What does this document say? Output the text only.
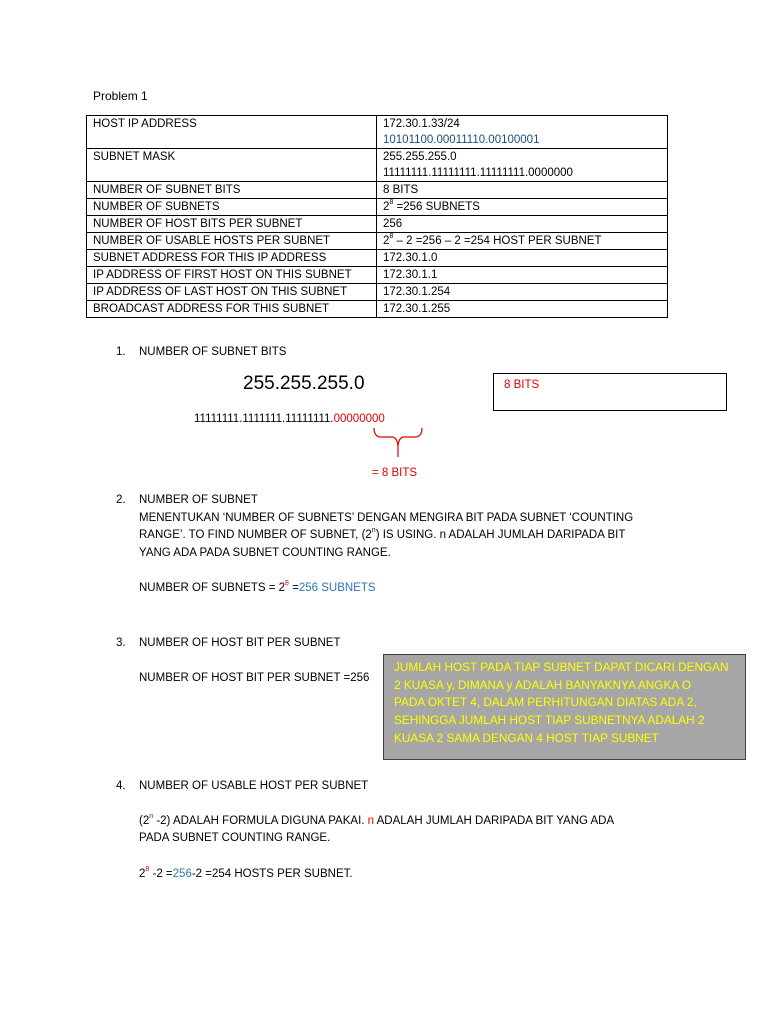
Problem 1
HOST IP ADDRESS	172.30.1.33/24
10101100.00011110.00100001
SUBNET MASK	255.255.255.0
11111111.11111111.11111111.0000000
NUMBER OF SUBNET BITS	8 BITS
NUMBER OF SUBNETS	$2^8 =256$ SUBNETS
NUMBER OF HOST BITS PER SUBNET	256
NUMBER OF USABLE HOSTS PER SUBNET	$2^8 - 2 =256 - 2 =254$ HOST PER SUBNET
SUBNET ADDRESS FOR THIS IP ADDRESS	172.30.1.0
IP ADDRESS OF FIRST HOST ON THIS SUBNET	172.30.1.1
IP ADDRESS OF LAST HOST ON THIS SUBNET	172.30.1.254
BROADCAST ADDRESS FOR THIS SUBNET	172.30.1.255
1. NUMBER OF SUBNET BITS
255.255.255.0	8 BITS
11111111.1111111.11111111.00000000
= 8 BITS
2. NUMBER OF SUBNET
MENENTUKAN ‘NUMBER OF SUBNETS’ DENGAN MENGIRA BIT PADA SUBNET ‘COUNTING
RANGE’. TO FIND NUMBER OF SUBNET, (2$^n$) IS USING. n ADALAH JUMLAH DARIPADA BIT
YANG ADA PADA SUBNET COUNTING RANGE.
NUMBER OF SUBNETS = $2^8 =256$ SUBNETS
3. NUMBER OF HOST BIT PER SUBNET
NUMBER OF HOST BIT PER SUBNET =256
JUMLAH HOST PADA TIAP SUBNET DAPAT DICARI DENGAN
2 KUASA y, DIMANA y ADALAH BANYAKNYA ANGKA O
PADA OKTET 4, DALAM PERHITUNGAN DIATAS ADA 2,
SEHINGGA JUMLAH HOST TIAP SUBNETNYA ADALAH 2
KUASA 2 SAMA DENGAN 4 HOST TIAP SUBNET
4. NUMBER OF USABLE HOST PER SUBNET
(2$^n$ -2) ADALAH FORMULA DIGUNA PAKAI. n ADALAH JUMLAH DARIPADA BIT YANG ADA
PADA SUBNET COUNTING RANGE.
$2^8$ -2 =256-2 =254 HOSTS PER SUBNET.
